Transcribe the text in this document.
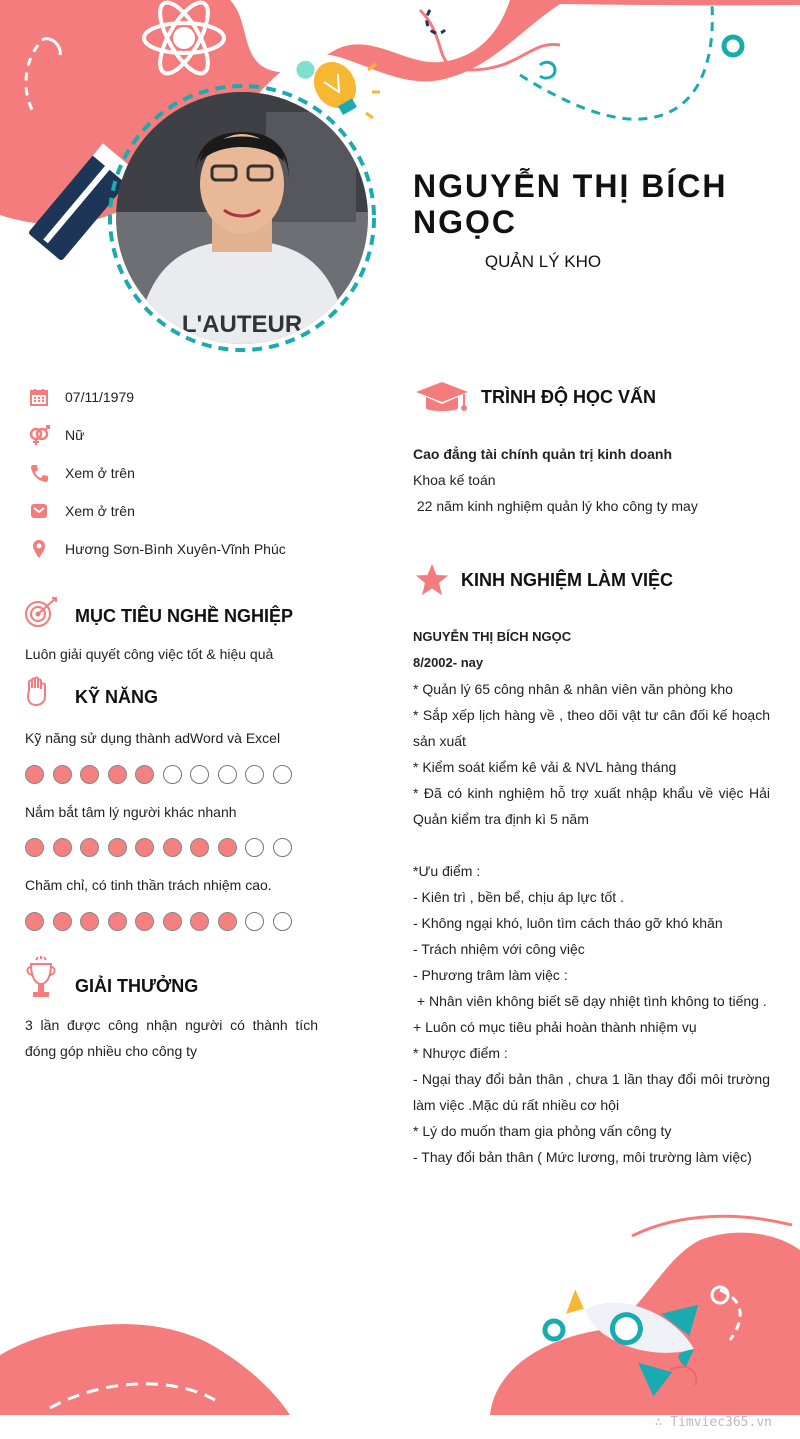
L'AUTEUR
NGUYỄN THỊ BÍCH NGỌC
QUẢN LÝ KHO
07/11/1979
Nữ
Xem ở trên
Xem ở trên
Hương Sơn-Bình Xuyên-Vĩnh Phúc
MỤC TIÊU NGHỀ NGHIỆP
Luôn giải quyết công việc tốt & hiệu quả
KỸ NĂNG
Kỹ năng sử dụng thành adWord và Excel
Nắm bắt tâm lý người khác nhanh
Chăm chỉ, có tinh thần trách nhiệm cao.
GIẢI THƯỞNG
3 lần được công nhận người có thành tích đóng góp nhiều cho công ty
TRÌNH ĐỘ HỌC VẤN

Cao đẳng tài chính quản trị kinh doanh

Khoa kế toán

22 năm kinh nghiệm quản lý kho công ty may

KINH NGHIỆM LÀM VIỆC

NGUYỄN THỊ BÍCH NGỌC

8/2002- nay

* Quản lý 65 công nhân & nhân viên văn phòng kho

* Sắp xếp lịch hàng về , theo dõi vật tư cân đối kế hoạch sản xuất

* Kiểm soát kiểm kê vải & NVL hàng tháng

* Đã có kinh nghiệm hỗ trợ xuất nhập khẩu về việc Hải Quản kiểm tra định kì 5 năm

*Ưu điểm :

- Kiên trì , bền bể, chịu áp lực tốt .

- Không ngại khó, luôn tìm cách tháo gỡ khó khăn

- Trách nhiệm với công việc

- Phương trâm làm việc :

+ Nhân viên không biết sẽ dạy nhiệt tình không to tiếng .

+ Luôn có mục tiêu phải hoàn thành nhiệm vụ

* Nhược điểm :

- Ngại thay đổi bản thân , chưa 1 lần thay đổi môi trường làm việc .Mặc dù rất nhiều cơ hội

* Lý do muốn tham gia phỏng vấn công ty

- Thay đổi bản thân ( Mức lương, môi trường làm việc)

∴ Timviec365.vn
